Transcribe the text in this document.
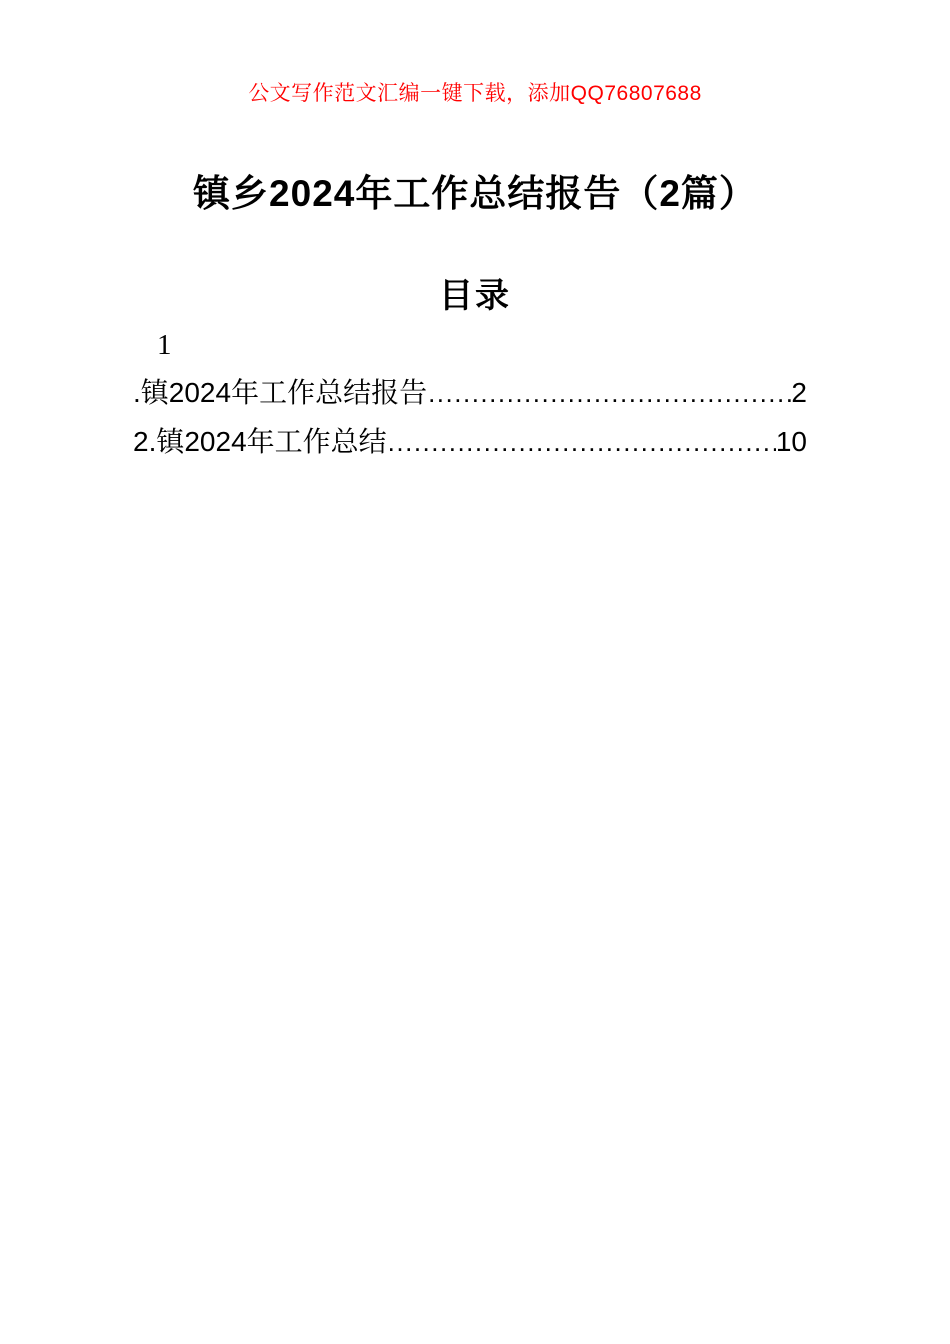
公文写作范文汇编一键下载，添加QQ76807688
镇乡2024年工作总结报告（2篇）
目录

1

.镇2024年工作总结报告 .....	2
2.镇2024年工作总结 .....	10
